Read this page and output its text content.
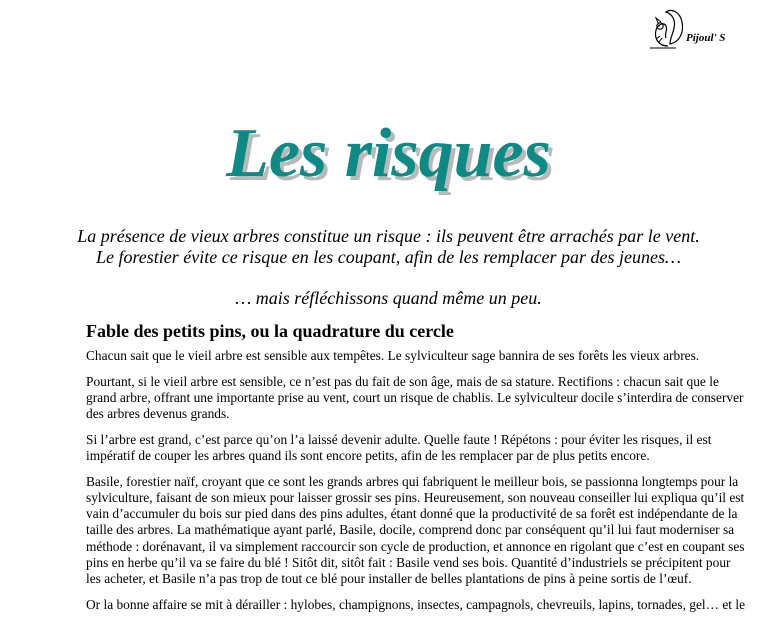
Pijoul' S
Les risques

La présence de vieux arbres constitue un risque : ils peuvent être arrachés par le vent.

Le forestier évite ce risque en les coupant, afin de les remplacer par des jeunes…

… mais réfléchissons quand même un peu.

Fable des petits pins, ou la quadrature du cercle

Chacun sait que le vieil arbre est sensible aux tempêtes. Le sylviculteur sage bannira de ses forêts les vieux arbres.

Pourtant, si le vieil arbre est sensible, ce n’est pas du fait de son âge, mais de sa stature. Rectifions : chacun sait que le grand arbre, offrant une importante prise au vent, court un risque de chablis. Le sylviculteur docile s’interdira de conserver des arbres devenus grands.

Si l’arbre est grand, c’est parce qu’on l’a laissé devenir adulte. Quelle faute ! Répétons : pour éviter les risques, il est impératif de couper les arbres quand ils sont encore petits, afin de les remplacer par de plus petits encore.

Basile, forestier naïf, croyant que ce sont les grands arbres qui fabriquent le meilleur bois, se passionna longtemps pour la sylviculture, faisant de son mieux pour laisser grossir ses pins. Heureusement, son nouveau conseiller lui expliqua qu’il est vain d’accumuler du bois sur pied dans des pins adultes, étant donné que la productivité de sa forêt est indépendante de la taille des arbres. La mathématique ayant parlé, Basile, docile, comprend donc par conséquent qu’il lui faut moderniser sa méthode : dorénavant, il va simplement raccourcir son cycle de production, et annonce en rigolant que c’est en coupant ses pins en herbe qu’il va se faire du blé ! Sitôt dit, sitôt fait : Basile vend ses bois. Quantité d’industriels se précipitent pour les acheter, et Basile n’a pas trop de tout ce blé pour installer de belles plantations de pins à peine sortis de l’œuf.

Or la bonne affaire se mit à dérailler : hylobes, champignons, insectes, campagnols, chevreuils, lapins, tornades, gel… et le
